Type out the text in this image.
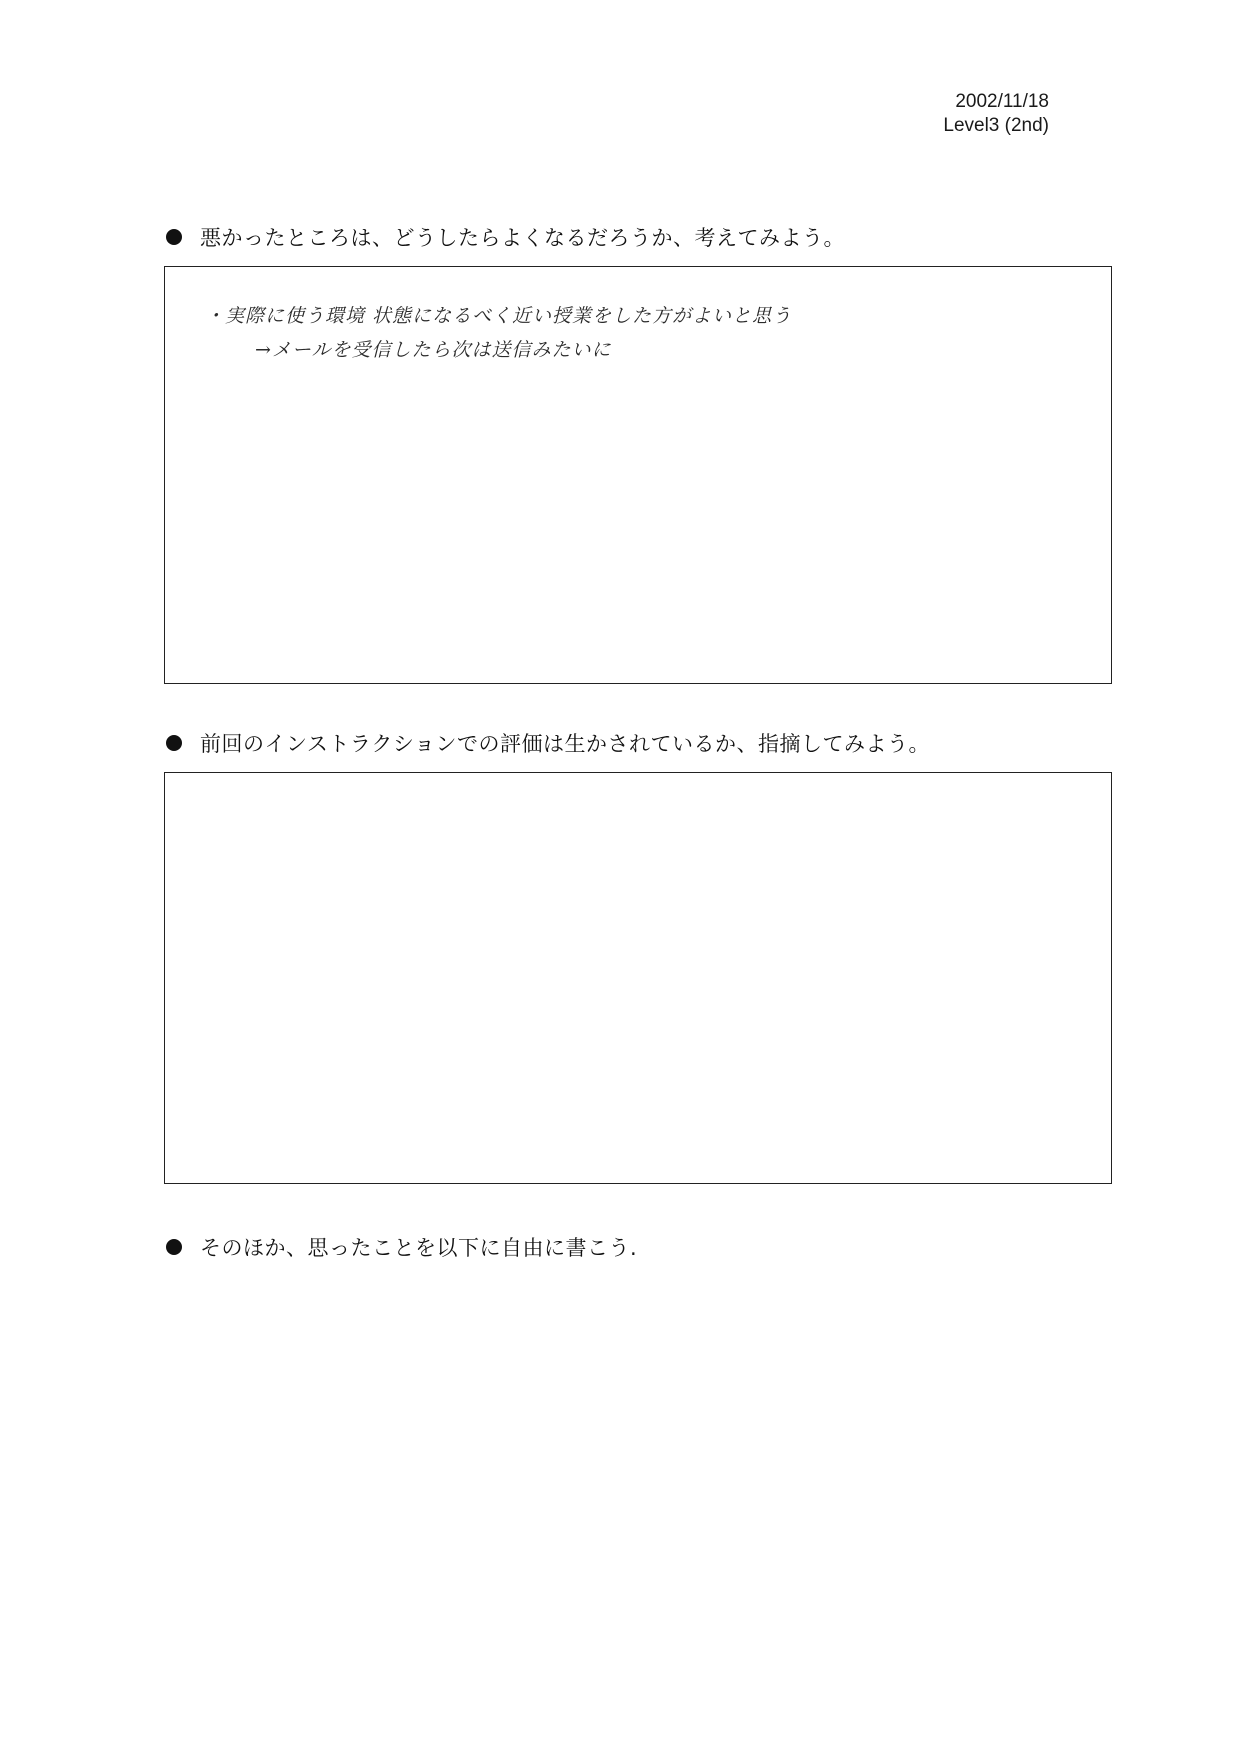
2002/11/18
Level3 (2nd)
悪かったところは、どうしたらよくなるだろうか、考えてみよう。
・実際に使う環境 状態になるべく近い授業をした方がよいと思う
→メールを受信したら次は送信みたいに
前回のインストラクションでの評価は生かされているか、指摘してみよう。
そのほか、思ったことを以下に自由に書こう.
